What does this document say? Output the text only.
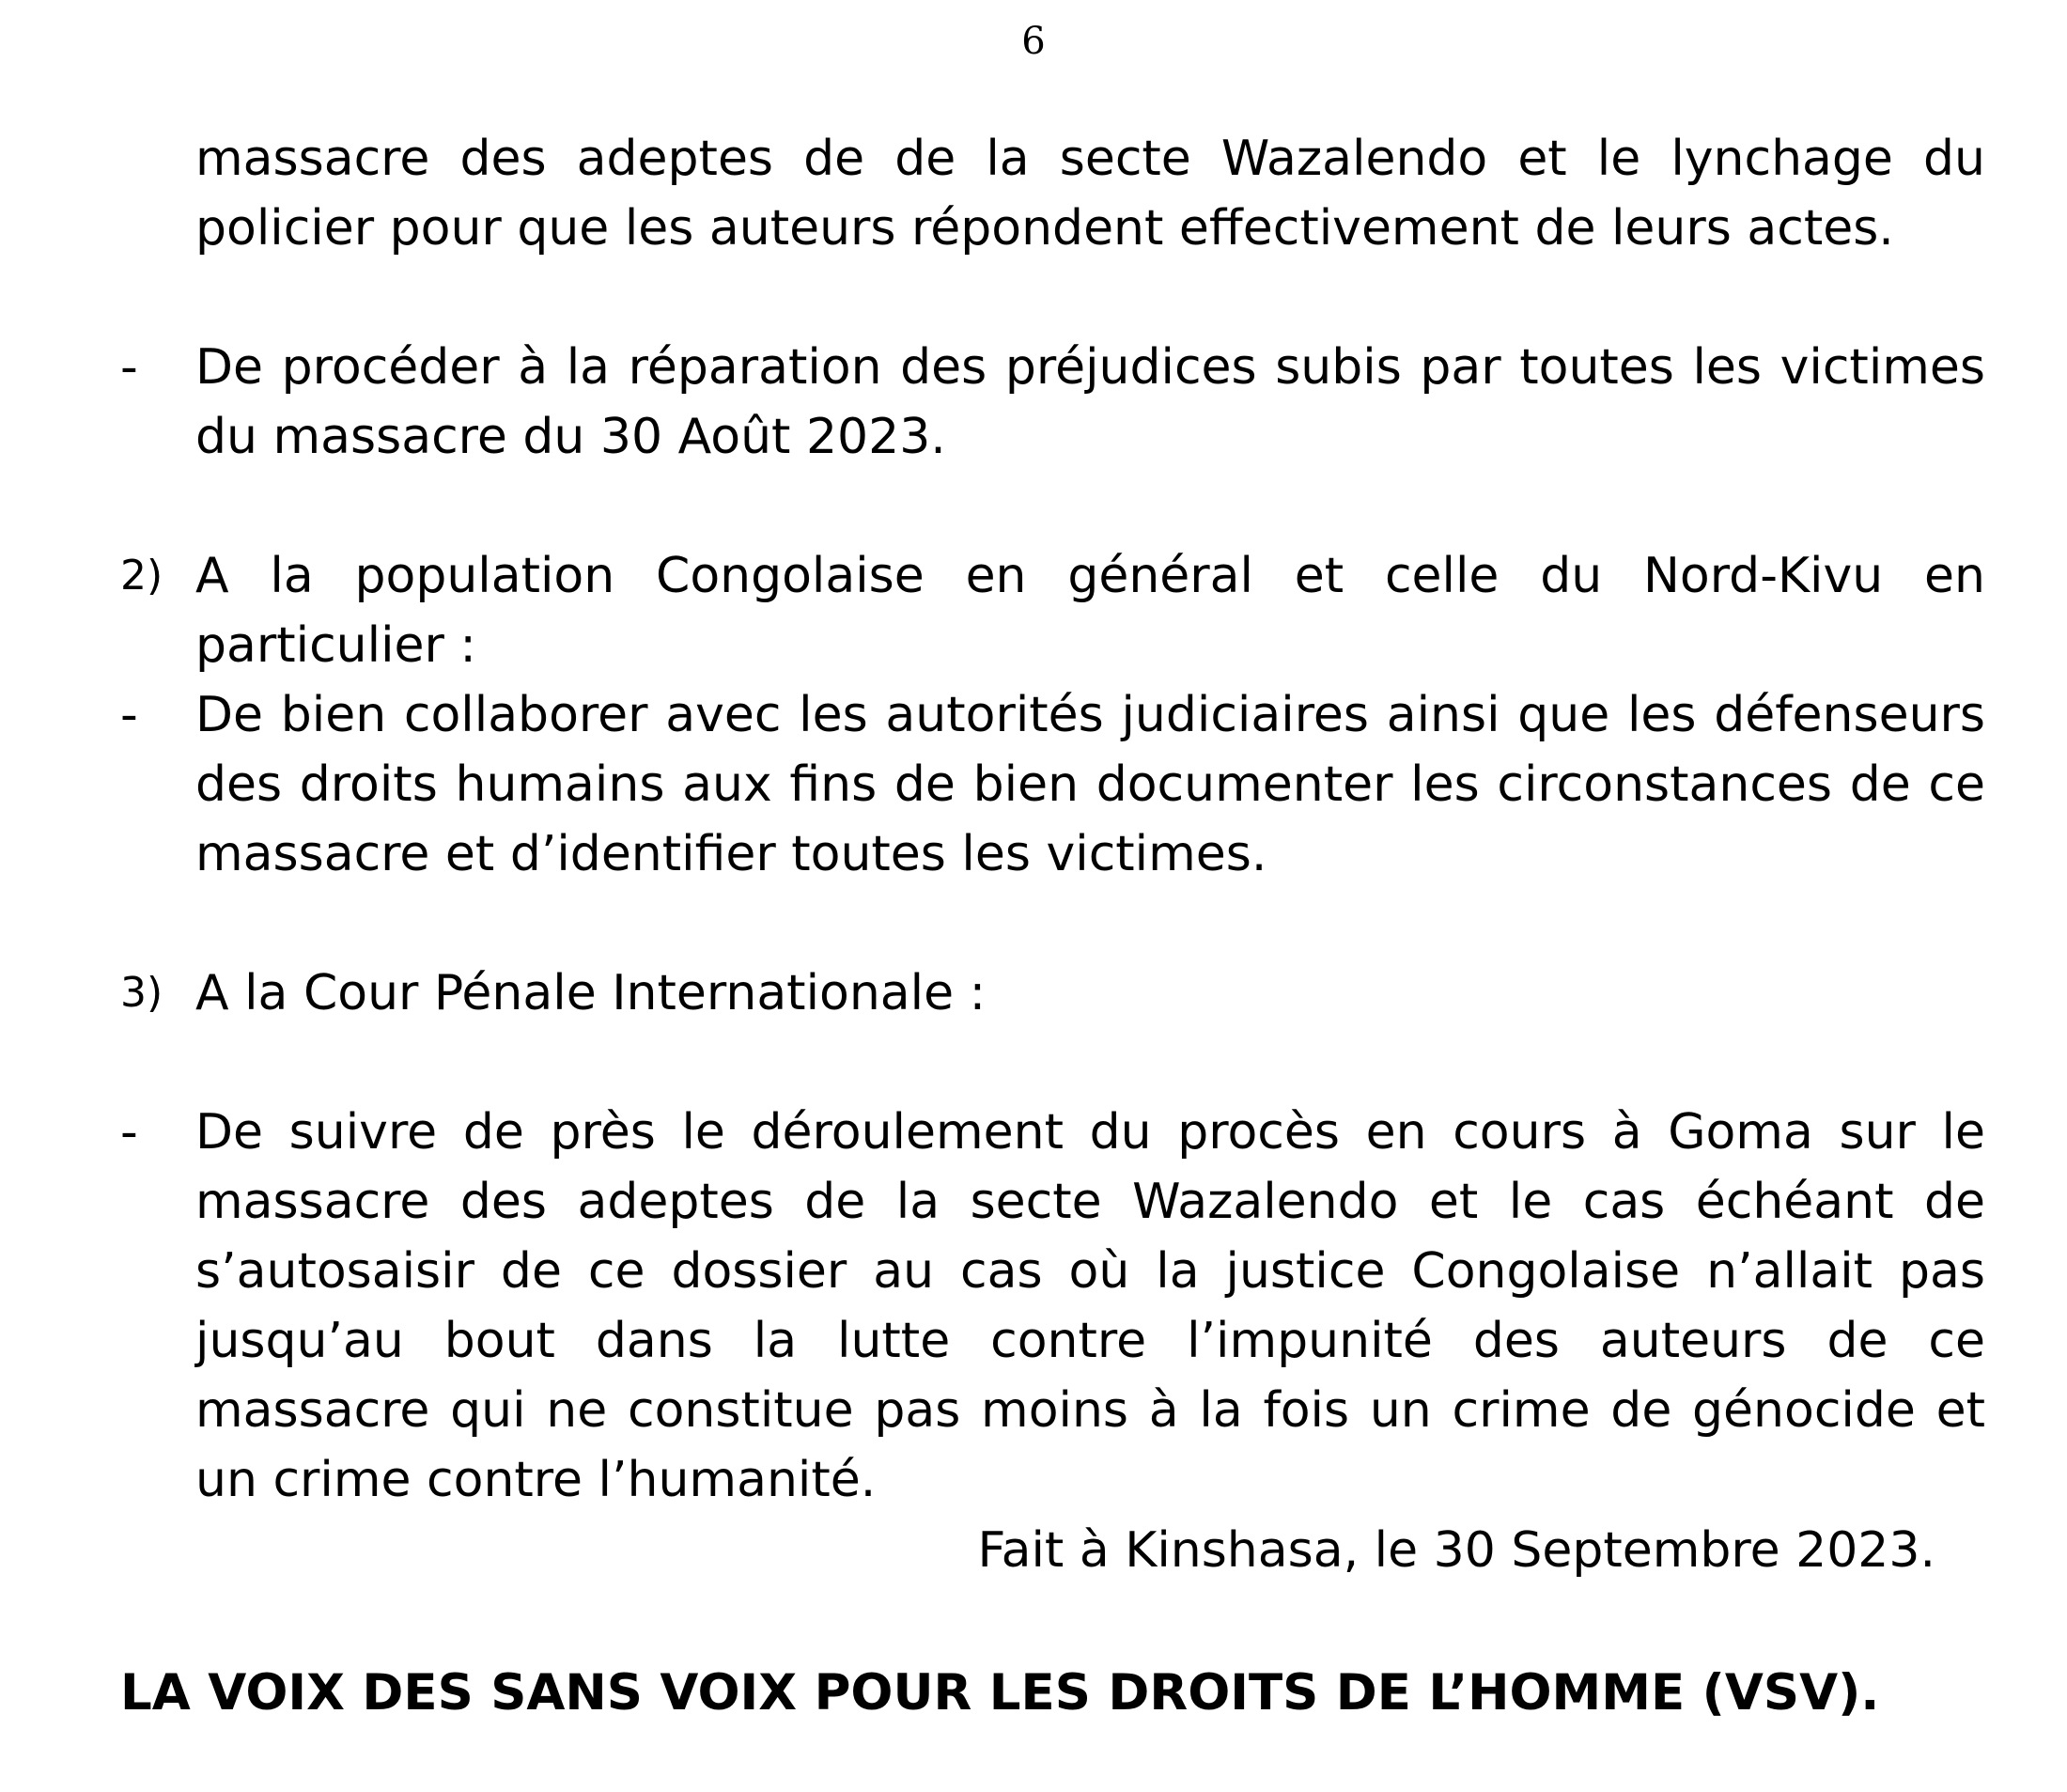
6
massacre des adeptes de de la secte Wazalendo et le lynchage du policier pour que les auteurs répondent effectivement de leurs actes.
-	De procéder à la réparation des préjudices subis par toutes les victimes du massacre du 30 Août 2023.
2) A la population Congolaise en général et celle du Nord-Kivu en particulier :
-	De bien collaborer avec les autorités judiciaires ainsi que les défenseurs des droits humains aux fins de bien documenter les circonstances de ce massacre et d’identifier toutes les victimes.
3) A la Cour Pénale Internationale :
-	De suivre de près le déroulement du procès en cours à Goma sur le massacre des adeptes de la secte Wazalendo et le cas échéant de s’autosaisir de ce dossier au cas où la justice Congolaise n’allait pas jusqu’au bout dans la lutte contre l’impunité des auteurs de ce massacre qui ne constitue pas moins à la fois un crime de génocide et un crime contre l’humanité.
Fait à Kinshasa, le 30 Septembre 2023.
LA VOIX DES SANS VOIX POUR LES DROITS DE L’HOMME (VSV).
